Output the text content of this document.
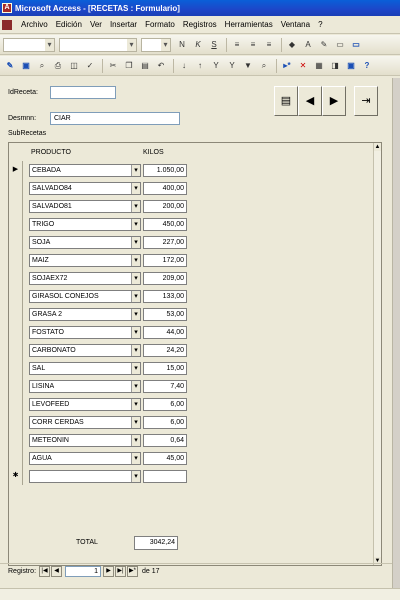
A Microsoft Access - [RECETAS : Formulario]
Archivo	Edición	Ver	Insertar	Formato	Registros	Herramientas	Ventana	?
▾
▾
▾
N	K	S	≡	≡	≡	◆	A	✎	▭	▭
✎	▣	⌕	⎙	◫	✓	✂	❐	▤	↶	↓	↑	Y	Y	▼	⌕	▸*	✕	▦	◨	▣	?
IdReceta:
Desmnn:	CIAR
SubRecetas
▤	◀	▶	⇥
PRODUCTO	KILOS
▶	CEBADA	▾	1.050,00
SALVADO84	▾	400,00
SALVADO81	▾	200,00
TRIGO	▾	450,00
SOJA	▾	227,00
MAIZ	▾	172,00
SOJAEX72	▾	209,00
GIRASOL CONEJOS	▾	133,00
GRASA 2	▾	53,00
FOSTATO	▾	44,00
CARBONATO	▾	24,20
SAL	▾	15,00
LISINA	▾	7,40
LEVOFEED	▾	6,00
CORR CERDAS	▾	6,00
METEONIN	▾	0,64
AGUA	▾	45,00
✱	▾
▲
▼
TOTAL	3042,24
Registro: |◀	◀	1	▶	▶| ▶* de 17
